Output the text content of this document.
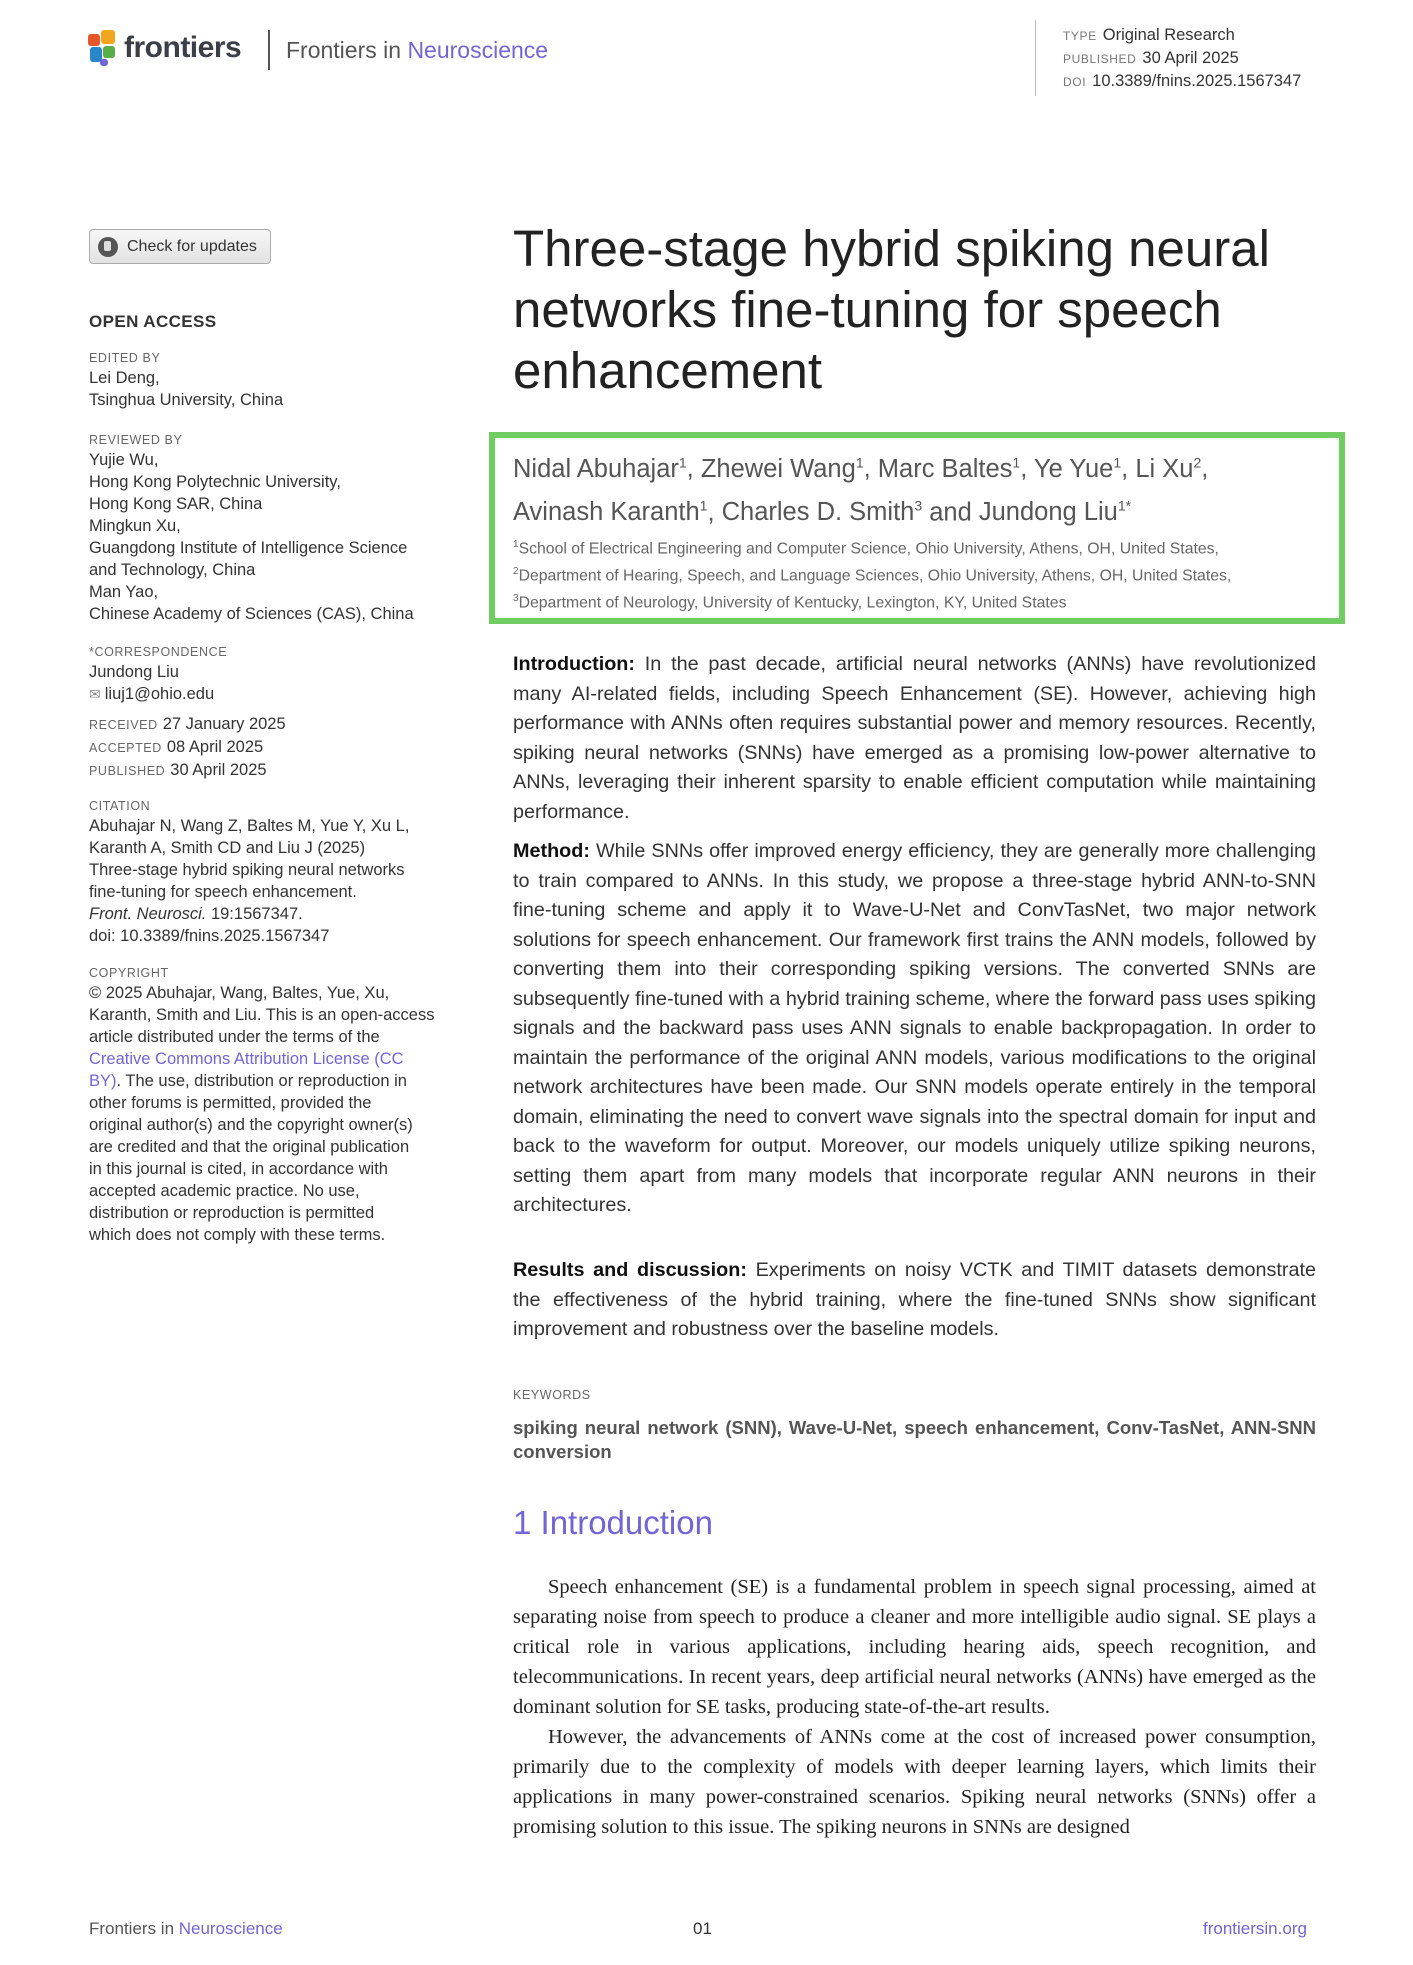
frontiers Frontiers in Neuroscience
TYPE Original Research
PUBLISHED 30 April 2025
DOI 10.3389/fnins.2025.1567347
Check for updates
OPEN ACCESS
EDITED BY
Lei Deng,
Tsinghua University, China
REVIEWED BY
Yujie Wu,
Hong Kong Polytechnic University,
Hong Kong SAR, China
Mingkun Xu,
Guangdong Institute of Intelligence Science
and Technology, China
Man Yao,
Chinese Academy of Sciences (CAS), China
*CORRESPONDENCE
Jundong Liu
✉ liuj1@ohio.edu
RECEIVED 27 January 2025
ACCEPTED 08 April 2025
PUBLISHED 30 April 2025
CITATION
Abuhajar N, Wang Z, Baltes M, Yue Y, Xu L,
Karanth A, Smith CD and Liu J (2025)
Three-stage hybrid spiking neural networks
fine-tuning for speech enhancement.
Front. Neurosci. 19:1567347.
doi: 10.3389/fnins.2025.1567347
COPYRIGHT
© 2025 Abuhajar, Wang, Baltes, Yue, Xu,
Karanth, Smith and Liu. This is an open-access
article distributed under the terms of the
Creative Commons Attribution License (CC
BY). The use, distribution or reproduction in
other forums is permitted, provided the
original author(s) and the copyright owner(s)
are credited and that the original publication
in this journal is cited, in accordance with
accepted academic practice. No use,
distribution or reproduction is permitted
which does not comply with these terms.
Three-stage hybrid spiking neural networks fine-tuning for speech enhancement
Nidal Abuhajar$^1$, Zhewei Wang$^1$, Marc Baltes$^1$, Ye Yue$^1$, Li Xu$^2$,
Avinash Karanth$^1$, Charles D. Smith$^3$ and Jundong Liu$^{1*}$
$^1$School of Electrical Engineering and Computer Science, Ohio University, Athens, OH, United States,
$^2$Department of Hearing, Speech, and Language Sciences, Ohio University, Athens, OH, United States,
$^3$Department of Neurology, University of Kentucky, Lexington, KY, United States
Introduction: In the past decade, artificial neural networks (ANNs) have revolutionized many AI-related fields, including Speech Enhancement (SE). However, achieving high performance with ANNs often requires substantial power and memory resources. Recently, spiking neural networks (SNNs) have emerged as a promising low-power alternative to ANNs, leveraging their inherent sparsity to enable efficient computation while maintaining performance.
Method: While SNNs offer improved energy efficiency, they are generally more challenging to train compared to ANNs. In this study, we propose a three-stage hybrid ANN-to-SNN fine-tuning scheme and apply it to Wave-U-Net and ConvTasNet, two major network solutions for speech enhancement. Our framework first trains the ANN models, followed by converting them into their corresponding spiking versions. The converted SNNs are subsequently fine-tuned with a hybrid training scheme, where the forward pass uses spiking signals and the backward pass uses ANN signals to enable backpropagation. In order to maintain the performance of the original ANN models, various modifications to the original network architectures have been made. Our SNN models operate entirely in the temporal domain, eliminating the need to convert wave signals into the spectral domain for input and back to the waveform for output. Moreover, our models uniquely utilize spiking neurons, setting them apart from many models that incorporate regular ANN neurons in their architectures.
Results and discussion: Experiments on noisy VCTK and TIMIT datasets demonstrate the effectiveness of the hybrid training, where the fine-tuned SNNs show significant improvement and robustness over the baseline models.
KEYWORDS
spiking neural network (SNN), Wave-U-Net, speech enhancement, Conv-TasNet, ANN-SNN conversion
1 Introduction

Speech enhancement (SE) is a fundamental problem in speech signal processing, aimed at separating noise from speech to produce a cleaner and more intelligible audio signal. SE plays a critical role in various applications, including hearing aids, speech recognition, and telecommunications. In recent years, deep artificial neural networks (ANNs) have emerged as the dominant solution for SE tasks, producing state-of-the-art results.

However, the advancements of ANNs come at the cost of increased power consumption, primarily due to the complexity of models with deeper learning layers, which limits their applications in many power-constrained scenarios. Spiking neural networks (SNNs) offer a promising solution to this issue. The spiking neurons in SNNs are designed

Frontiers in Neuroscience	01	frontiersin.org
